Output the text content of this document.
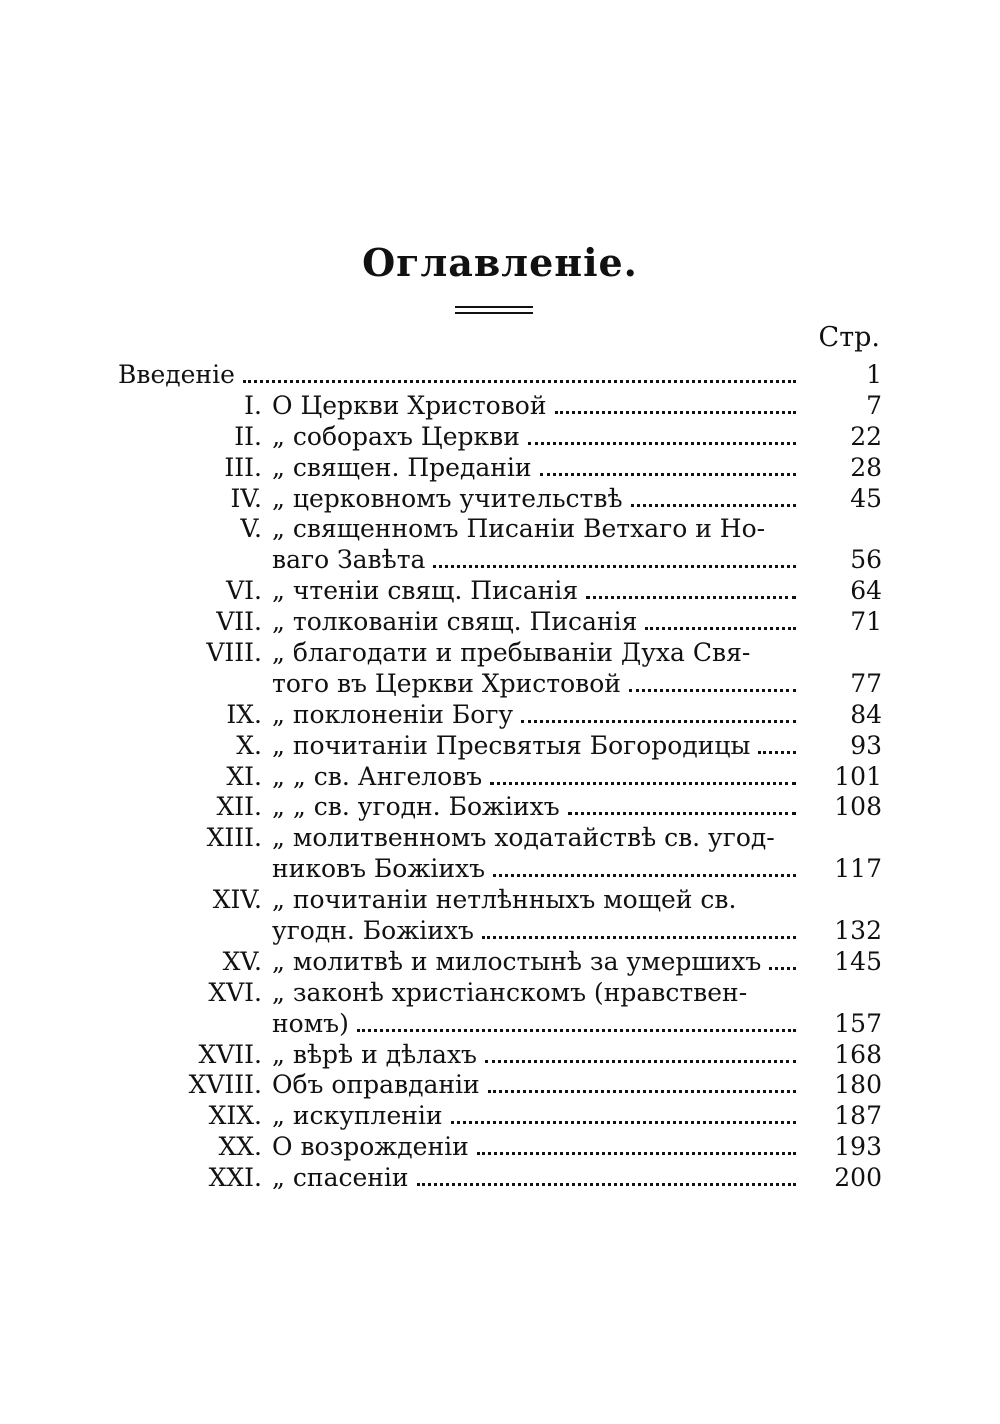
Оглавленіе.
Стр.
Введеніе	1
I. О Церкви Христовой	7
II. „ соборахъ Церкви	22
III. „ священ. Преданіи	28
IV. „ церковномъ учительствѣ	45
V. „ священномъ Писаніи Ветхаго и Но-
ваго Завѣта	56
VI. „ чтеніи свящ. Писанія	64
VII. „ толкованіи свящ. Писанія	71
VIII. „ благодати и пребываніи Духа Свя-
того въ Церкви Христовой	77
IX. „ поклоненіи Богу	84
X. „ почитаніи Пресвятыя Богородицы	93
XI. „ „ св. Ангеловъ	101
XII. „ „ св. угодн. Божіихъ	108
XIII. „ молитвенномъ ходатайствѣ св. угод-
никовъ Божіихъ	117
XIV. „ почитаніи нетлѣнныхъ мощей св.
угодн. Божіихъ	132
XV. „ молитвѣ и милостынѣ за умершихъ	145
XVI. „ законѣ христіанскомъ (нравствен-
номъ)	157
XVII. „ вѣрѣ и дѣлахъ	168
XVIII. Объ оправданіи	180
XIX. „ искупленіи	187
XX. О возрожденіи	193
XXI. „ спасеніи	200
